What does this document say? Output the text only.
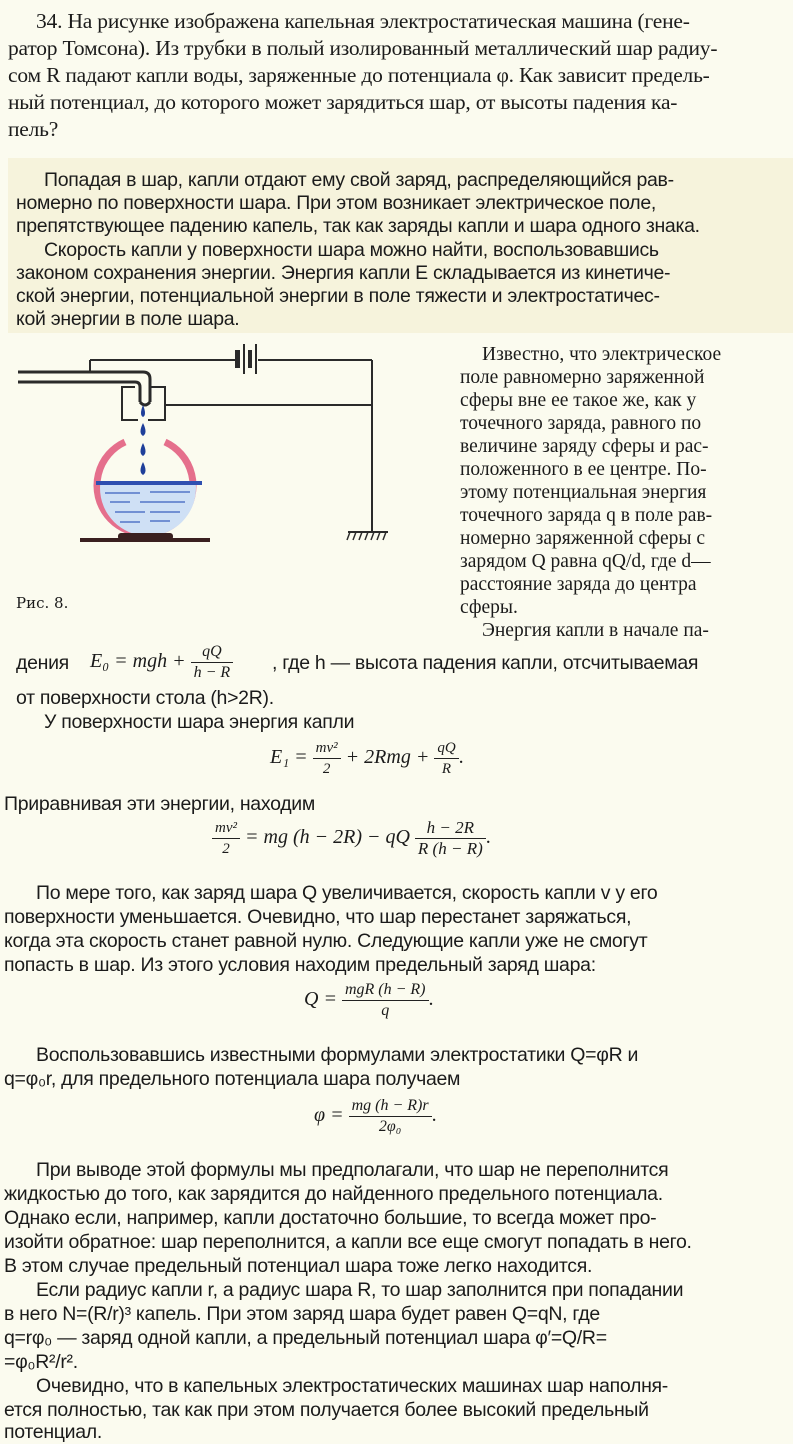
34. На рисунке изображена капельная электростатическая машина (гене-
ратор Томсона). Из трубки в полый изолированный металлический шар радиу-
сом R падают капли воды, заряженные до потенциала φ. Как зависит предель-
ный потенциал, до которого может зарядиться шар, от высоты падения ка-
пель?
Попадая в шар, капли отдают ему свой заряд, распределяющийся рав-
номерно по поверхности шара. При этом возникает электрическое поле,
препятствующее падению капель, так как заряды капли и шара одного знака.
Скорость капли у поверхности шара можно найти, воспользовавшись
законом сохранения энергии. Энергия капли E складывается из кинетиче-
ской энергии, потенциальной энергии в поле тяжести и электростатичес-
кой энергии в поле шара.
Рис. 8.
Известно, что электрическое
поле равномерно заряженной
сферы вне ее такое же, как у
точечного заряда, равного по
величине заряду сферы и рас-
положенного в ее центре. По-
этому потенциальная энергия
точечного заряда q в поле рав-
номерно заряженной сферы с
зарядом Q равна qQ/d, где d—
расстояние заряда до центра
сферы.
Энергия капли в начале па-
дения E₀ = mgh + $\frac{qQ}{h - R}$ , где h — высота падения капли, отсчитываемая
от поверхности стола (h>2R).
У поверхности шара энергия капли
$E_1 = \frac{\text{mv²}}{2} + 2Rmg + \frac{qQ}{R}$ .
Приравнивая эти энергии, находим
$\frac{\text{mv²}}{2}$ = mg (h − 2R) − qQ $\frac{h - 2R}{R (h - R)}$ .
По мере того, как заряд шара Q увеличивается, скорость капли v у его
поверхности уменьшается. Очевидно, что шар перестанет заряжаться,
когда эта скорость станет равной нулю. Следующие капли уже не смогут
попасть в шар. Из этого условия находим предельный заряд шара:
$Q = \frac{\text{mgR (h − R)}}{q}$ .
Воспользовавшись известными формулами электростатики Q=φR и
q=φ₀r, для предельного потенциала шара получаем
$\varphi = \frac{mg (h - R)r}{\text{2φ₀}}$ .
При выводе этой формулы мы предполагали, что шар не переполнится
жидкостью до того, как зарядится до найденного предельного потенциала.
Однако если, например, капли достаточно большие, то всегда может про-
изойти обратное: шар переполнится, а капли все еще смогут попадать в него.
В этом случае предельный потенциал шара тоже легко находится.
Если радиус капли r, а радиус шара R, то шар заполнится при попадании
в него N=(R/r)³ капель. При этом заряд шара будет равен Q=qN, где
q=rφ₀ — заряд одной капли, а предельный потенциал шара φ′=Q/R=
=φ₀R²/r².
Очевидно, что в капельных электростатических машинах шар наполня-
ется полностью, так как при этом получается более высокий предельный
потенциал.
